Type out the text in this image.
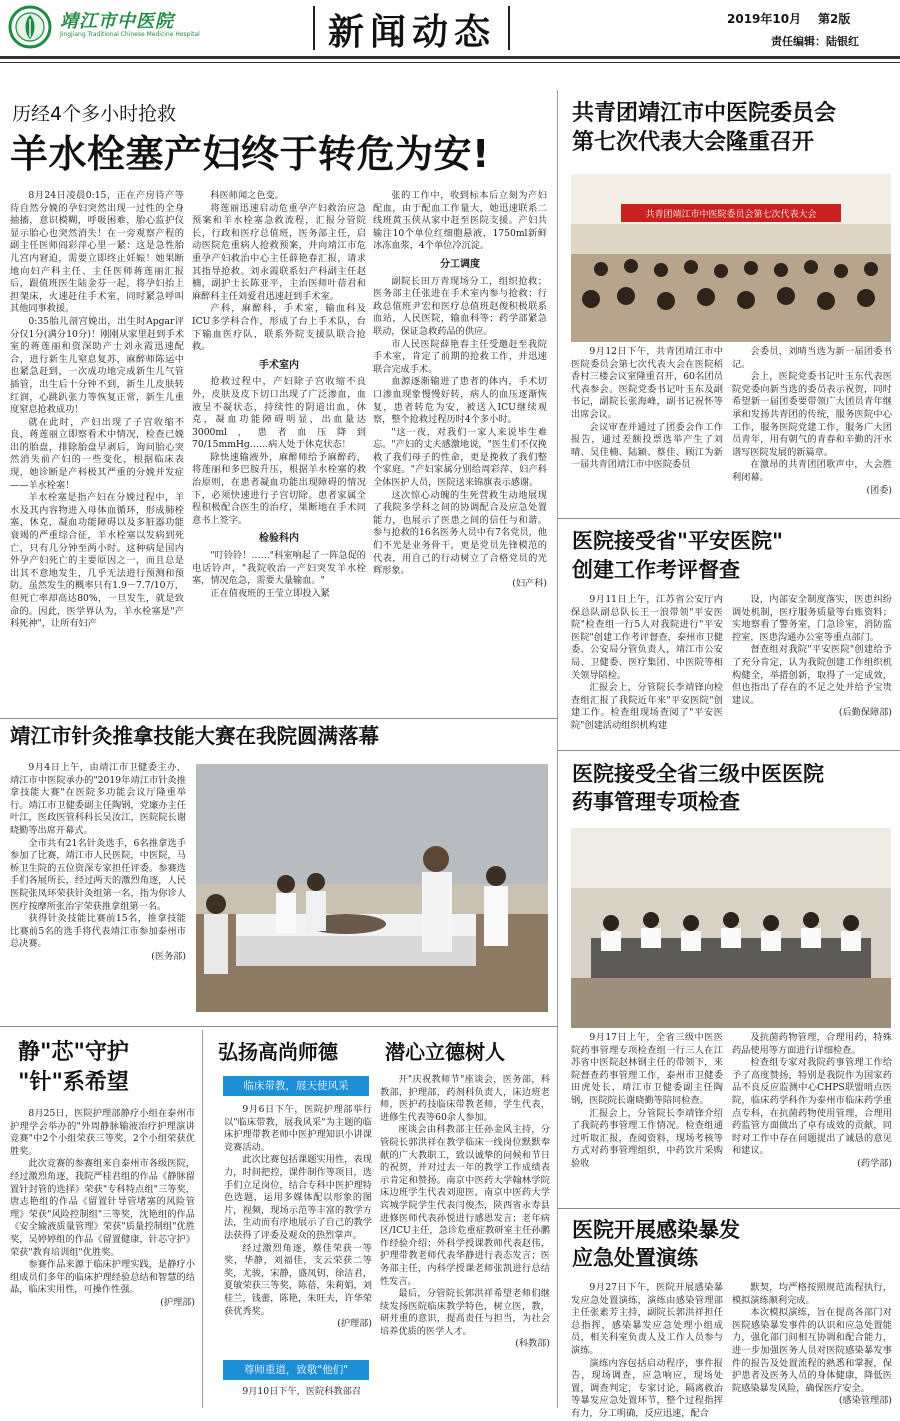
靖江市中医院
Jingjiang Traditional Chinese Medicine Hospital	新闻动态	2019年10月 第2版
责任编辑：陆银红
历经4个多小时抢救
羊水栓塞产妇终于转危为安!

8月24日凌晨0:15，正在产房待产等待自然分娩的孕妇突然出现一过性的全身抽搐，意识模糊，呼吸困难，胎心监护仪显示胎心也突然消失！在一旁观察产程的副主任医师阎彩萍心里一紧：这是急性胎儿宫内窘迫，需要立即终止妊娠！她果断地向妇产科主任、主任医师蒋莲丽汇报后，跟值班医生陆金芬一起，将孕妇抬上担架床，火速赶往手术室，同时紧急呼叫其他同事救援。

0:35胎儿剖宫娩出，出生时Apgar评分仅1分(满分10分)！刚刚从家里赶到手术室的蒋莲丽和资深助产士刘永霞迅速配合，进行新生儿窒息复苏，麻醉师陈运中也紧急赶到，一次成功地完成新生儿气管插管，出生后十分钟不到，新生儿皮肤转红润，心跳趴张力等恢复正常，新生儿重度窒息抢救成功！

就在此时，产妇出现了子宫收缩不良，蒋莲丽立即察看术中情况，检查已娩出的胎盘，排除胎盘早剥后，询问胎心突然消失前产妇的一些变化，根据临床表现，她诊断是产科极其严重的分娩并发症——羊水栓塞！

羊水栓塞是指产妇在分娩过程中，羊水及其内容物进入母体血循环，形成肺栓塞，休克，凝血功能障碍以及多脏器功能衰竭的严重综合征，羊水栓塞以发病到死亡，只有几分钟至两小时。这种病是国内外孕产妇死亡的主要原因之一，而且总是出其不意地发生，几乎无法进行预测和预防。虽然发生的概率只有1.9－7.7/10万，但死亡率却高达80%，一旦发生，就是致命的。因此，医学界认为，羊水栓塞是"产科死神"，让所有妇产

科医师闻之色变。

将莲丽迅速启动危重孕产妇救治应急预案和羊水栓塞急救流程，汇报分管院长，行政和医疗总值班，医务部主任，启动医院危重病人抢救预案，并向靖江市危重孕产妇救治中心主任薛艳春汇报，请求其指导抢救。刘永霞联系妇产科副主任赵楠，副护士长陈亚平，主治医师叶蓓君和麻醉科主任刘爱君迅速赶到手术室。

产科，麻醉科，手术室，输血科及ICU多学科合作，形成了台上手术队，台下输血医疗队，联系外院支援队联合抢救。

手术室内

抢救过程中，产妇除子宫收缩不良外，皮肤及皮下切口出现了广泛渗血，血液呈不凝状态，持续性的阴道出血，休克，凝血功能障碍明显，出血量达3000ml，患者血压降到70/15mmHg……病人处于休克状态！

除快速输液外，麻醉师给予麻醉药，将莲丽和多巴胺升压，根据羊水栓塞的救治原则，在患者凝血功能出现障碍的情况下，必须快速进行子宫切除。患者家属全程积极配合医生的治疗，果断地在手术同意书上签字。

检验科内

"叮铃铃！……"科室响起了一阵急促的电话铃声，"我院收治一产妇突发羊水栓塞，情况危急，需要大量输血。"

正在值夜班的王莹立即投入紧

张的工作中，收到标本后立刻为产妇配血，由于配血工作量大，她迅速联系二线班黄玉侠从家中赶至医院支援。产妇共输注10个单位红细胞悬液，1750ml新鲜冰冻血浆，4个单位冷沉淀。

分工调度

副院长田万青现场分工，组织抢救；医务部主任张进在手术室内参与抢救；行政总值班尹宏和医疗总值班赵俊积极联系血站，人民医院，输血科等；药学部紧急联动，保证急救药品的供应。

市人民医院薛艳春主任受邀赶至我院手术室，肯定了前期的抢救工作，并迅速联合完成手术。

血源逐渐输进了患者的体内，手术切口渗血现象慢慢好转，病人的血压逐渐恢复，患者转危为安，被送入ICU继续观察，整个抢救过程历时4个多小时。

"这一夜，对我们一家人来说毕生难忘。"产妇的丈夫感激地说，"医生们不仅挽救了我们母子的性命，更是挽救了我们整个家庭。"产妇家属分别给周彩萍、妇产科全体医护人员，医院送来锦旗表示感谢。

这次惊心动魄的生死营救生动地展现了我院多学科之间的协调配合及应急处置能力，也展示了医患之间的信任与和谐。参与抢救的16名医务人员中有7名党员，他们不光是业务骨干，更是党员先锋模范的代表，用自己的行动树立了合格党员的光辉形象。

(妇产科)
靖江市针灸推拿技能大赛在我院圆满落幕

9月4日上午，由靖江市卫健委主办，靖江市中医院承办的"2019年靖江市针灸推拿技能大赛"在医院多功能会议厅隆重举行。靖江市卫健委副主任陶钢，党廉办主任叶江，医政医管科科长吴汝江，医院院长谢晓勤等出席开幕式。

全市共有21名针灸选手，6名推拿选手参加了比赛，靖江市人民医院，中医院，马桥卫生院的五位资深专家担任评委。参赛选手们各展所长，经过两天的激烈角逐，人民医院张凤环荣获针灸组第一名，指为你诊人医疗按摩所张治宇荣获推拿组第一名。

获得针灸技能比赛前15名，推拿技能比赛前5名的选手将代表靖江市参加泰州市总决赛。

(医务部)
静"芯"守护
"针"系希望

8月25日，医院护理部静疗小组在泰州市护理学会举办的"外周静脉输液治疗护理演讲竞赛"中2个小组荣获三等奖，2个小组荣获优胜奖。

此次竞赛的参赛组来自泰州市各级医院，经过激烈角逐，我院严桂君组的作品《静脉留置针封管的选择》荣获"专科特点组"三等奖，唐志艳组的作品《留置针导管堵塞的风险管理》荣获"风险控制组"三等奖，沈艳组的作品《安全输液质量管理》荣获"质量控制组"优胜奖，吴婷婷组的作品《留置健康，针芯守护》荣获"教育培训组"优胜奖。

参赛作品来源于临床护理实践，是静疗小组成员们多年的临床护理经验总结和智慧的结晶，临床实用性，可操作性强。

(护理部)
弘扬高尚师德 潜心立德树人
临床带教，展天使风采

9月6日下午，医院护理部举行以"临床带教，展我风采"为主题的临床护理带教老师中医护理知识小讲课竞赛活动。

此次比赛包括课题实用性，表现力，时间把控，课件制作等项目，选手们立足岗位，结合专科中医护理特色选题，运用多媒体配以形象的图片，视频，现场示范等丰富的教学方法，生动而有序地展示了自己的教学法获得了评委及观众的热烈掌声。

经过激烈角逐，蔡佳荣获一等奖，华静，刘福佳，支云荣获二等奖，尤骏，宋静，盛凤钥，徐洁君，夏敏荣获三等奖，陈蓓，朱莉娟，刘桂兰，钱蕾，陈艳，朱旺夫，许华荣获优秀奖。

(护理部)
尊师重道，致敬"他们"
9月10日下午，医院科教部召

开"庆祝教师节"座谈会，医务部，科教部，护理部，药剂科负责人，床边班老师，医护药技临床带教老师，学生代表，进修生代表等60余人参加。

座谈会由科教部主任孙金风主持，分管院长郭洪祥在教学临床一线岗位默默奉献的广大教职工，致以诚挚的问候和节日的祝贺，并对过去一年的教学工作成绩表示肯定和赞扬。南京中医药大学翰林学院床边班学生代表刘迎医，南京中医药大学宾城学院学生代表闫俊杰，陕西省永寿县进修医师代表孙悦进行感恩发言；老年病区/ICU主任，急诊危重症教研室主任孙鹏作经验介绍；外科学授课教师代表赵伟，护理带教老师代表华静进行表态发言；医务部主任，内科学授课老师张凯进行总结性发言。

最后，分管院长郭洪祥希望老师们继续发扬医院临床教学特色，树立医，教，研并重的意识，提高责任与担当，为社会培养优质的医学人才。

(科教部)
共青团靖江市中医院委员会
第七次代表大会隆重召开
共青团靖江市中医院委员会第七次代表大会

9月12日下午，共青团靖江市中医院委员会第七次代表大会在医院稻香村三楼会议室隆重召开，60名团员代表参会。医院党委书记叶玉东及副书记，副院长张海峰，副书记祝怀等出席会议。

会议审查并通过了团委会作工作报告，通过差额投票选举产生了刘晴、吴佳楠、陆颖、蔡佳、顾江为新一届共青团靖江市中医院委员

会委员，刘晴当选为新一届团委书记。

会上，医院党委书记叶玉东代表医院党委向新当选的委员表示祝贺，同时希望新一届团委要带领广大团员青年继承和发扬共青团的传统，服务医院中心工作，服务医院党建工作，服务广大团员青年，用有朝气的青春和辛勤的汗水谱写医院发展的新篇章。

在激昂的共青团团歌声中，大会胜利闭幕。

(团委)
医院接受省"平安医院"
创建工作考评督查

9月11日上午，江苏省公安厅内保总队副总队长王一浪带领"平安医院"检查组一行5人对我院进行"平安医院"创建工作考评督查，泰州市卫健委、公安局分管负责人，靖江市公安局、卫健委、医疗集团、中医院等相关领导陪检。

汇报会上，分管院长李靖锋向检查组汇报了我院近年来"平安医院"创建工作。检查组现场查阅了"平安医院"创建活动组织机构建

设，内部安全制度落实，医患纠纷调处机制，医疗服务质量等台账资料；实地察看了警务室，门急诊室，消防监控室，医患沟通办公室等重点部门。

督查组对我院"平安医院"创建给予了充分肯定，认为我院创建工作组织机构健全，举措创新，取得了一定成效，但也指出了存在的不足之处并给予宝贵建议。

(后勤保障部)
医院接受全省三级中医医院
药事管理专项检查

9月17日上午，全省三级中医医院药事管理专项检查组一行三人在江苏省中医院赵林钢主任的带领下，来院督查药事管理工作，泰州市卫健委田虎处长，靖江市卫健委副主任陶钢，医院院长谢晓勤等陪同检查。

汇报会上，分管院长李靖锋介绍了我院药事管理工作情况。检查组通过听取汇报，查阅资料，现场考核等方式对药事管理组织，中药饮片采购验收

及抗菌药物管理，合理用药，特殊药品使用等方面进行详细检查。

检查组专家对我院药事管理工作给予了高度赞扬，特别是我院作为国家药品不良反应监测中心CHPS联盟哨点医院，临床药学科作为泰州市临床药学重点专科，在抗菌药物使用管理，合理用药监管方面做出了卓有成效的贡献，同时对工作中存在问题提出了诚恳的意见和建议。

(药学部)
医院开展感染暴发
应急处置演练

9月27日下午，医院开展感染暴发应急处置演练，演练由感染管理部主任张素芳主持，副院长郭洪祥担任总指挥，感染暴发应急处理小组成员，相关科室负责人及工作人员参与演练。

演练内容包括启动程序，事件报告，现场调查，应急响应，现场处置，调查判定，专家讨论，隔离救治等暴发应急处置环节，整个过程指挥有力，分工明确，反应迅速，配合

默契，均严格按照规范流程执行，模拟演练顺利完成。

本次模拟演练，旨在提高各部门对医院感染暴发事件的认识和应急处置能力，强化部门间相互协调和配合能力，进一步加强医务人员对医院感染暴发事件的报告及处置流程的熟悉和掌握，保护患者及医务人员的身体健康，降低医院感染暴发风险，确保医疗安全。

(感染管理部)
